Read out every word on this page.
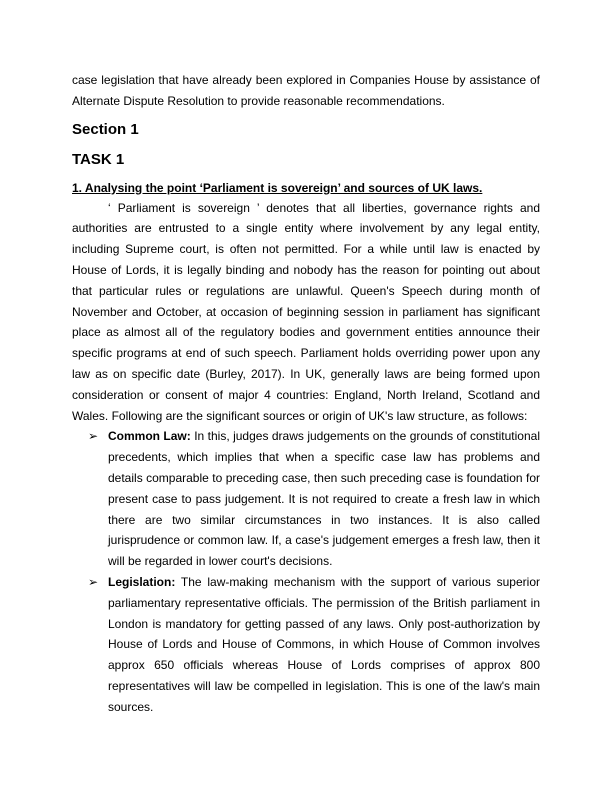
case legislation that have already been explored in Companies House by assistance of Alternate Dispute Resolution to provide reasonable recommendations.

Section 1
TASK 1

1. Analysing the point ‘Parliament is sovereign’ and sources of UK laws.

‘ Parliament is sovereign ’ denotes that all liberties, governance rights and authorities are entrusted to a single entity where involvement by any legal entity, including Supreme court, is often not permitted. For a while until law is enacted by House of Lords, it is legally binding and nobody has the reason for pointing out about that particular rules or regulations are unlawful. Queen's Speech during month of November and October, at occasion of beginning session in parliament has significant place as almost all of the regulatory bodies and government entities announce their specific programs at end of such speech. Parliament holds overriding power upon any law as on specific date (Burley, 2017). In UK, generally laws are being formed upon consideration or consent of major 4 countries: England, North Ireland, Scotland and Wales. Following are the significant sources or origin of UK's law structure, as follows:

➢ Common Law: In this, judges draws judgements on the grounds of constitutional precedents, which implies that when a specific case law has problems and details comparable to preceding case, then such preceding case is foundation for present case to pass judgement. It is not required to create a fresh law in which there are two similar circumstances in two instances. It is also called jurisprudence or common law. If, a case's judgement emerges a fresh law, then it will be regarded in lower court's decisions.
➢ Legislation: The law-making mechanism with the support of various superior parliamentary representative officials. The permission of the British parliament in London is mandatory for getting passed of any laws. Only post-authorization by House of Lords and House of Commons, in which House of Common involves approx 650 officials whereas House of Lords comprises of approx 800 representatives will law be compelled in legislation. This is one of the law's main sources.
